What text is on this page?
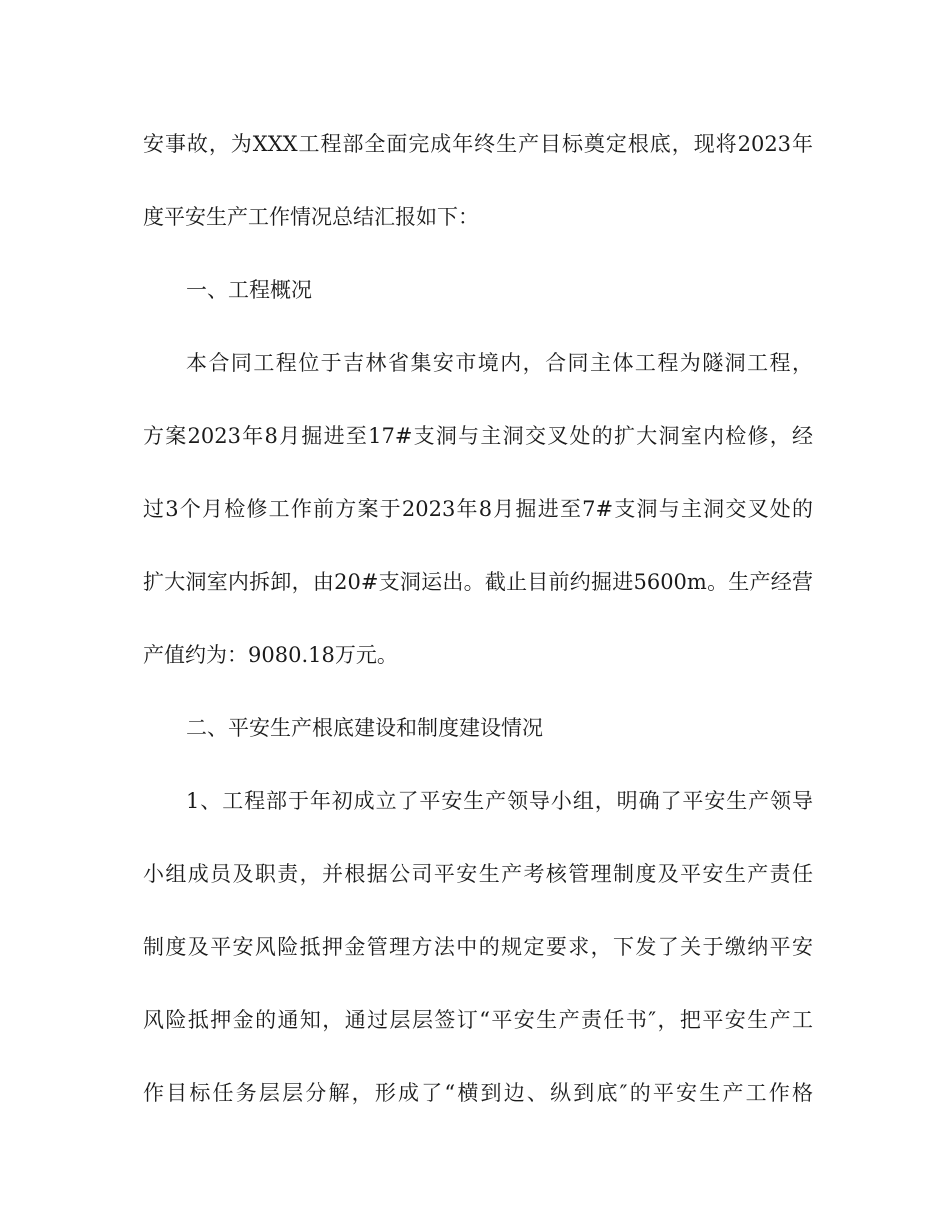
安事故，为XXX工程部全面完成年终生产目标奠定根底，现将2023年
度平安生产工作情况总结汇报如下：
一、工程概况
本合同工程位于吉林省集安市境内，合同主体工程为隧洞工程，
方案2023年8月掘进至17#支洞与主洞交叉处的扩大洞室内检修，经
过3个月检修工作前方案于2023年8月掘进至7#支洞与主洞交叉处的
扩大洞室内拆卸，由20#支洞运出。截止目前约掘进5600m。生产经营
产值约为：9080.18万元。
二、平安生产根底建设和制度建设情况
1、工程部于年初成立了平安生产领导小组，明确了平安生产领导
小组成员及职责，并根据公司平安生产考核管理制度及平安生产责任
制度及平安风险抵押金管理方法中的规定要求，下发了关于缴纳平安
风险抵押金的通知，通过层层签订“平安生产责任书″，把平安生产工
作目标任务层层分解，形成了“横到边、纵到底″的平安生产工作格
